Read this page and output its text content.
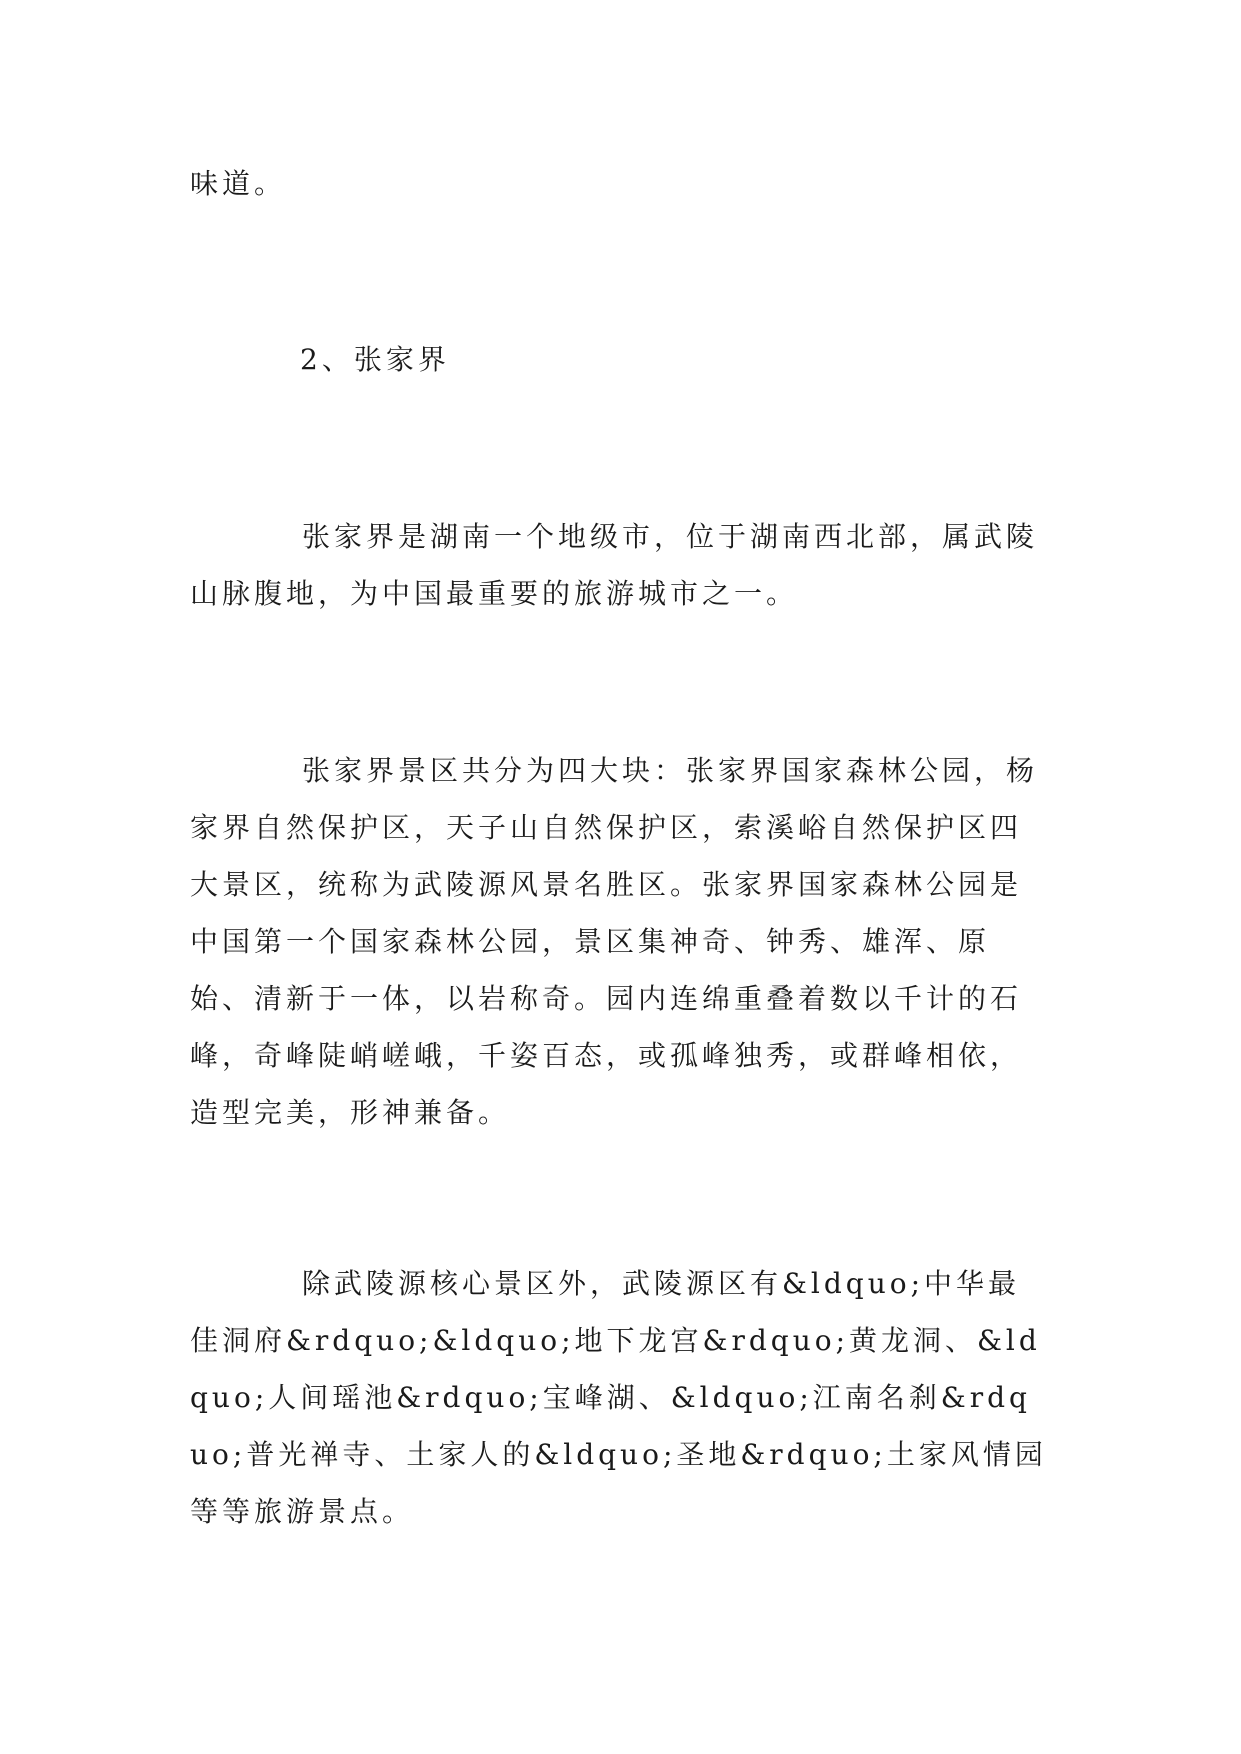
味道。

2、张家界

张家界是湖南一个地级市，位于湖南西北部，属武陵山脉腹地，为中国最重要的旅游城市之一。

张家界景区共分为四大块：张家界国家森林公园，杨家界自然保护区，天子山自然保护区，索溪峪自然保护区四大景区，统称为武陵源风景名胜区。张家界国家森林公园是中国第一个国家森林公园，景区集神奇、钟秀、雄浑、原始、清新于一体，以岩称奇。园内连绵重叠着数以千计的石峰，奇峰陡峭嵯峨，千姿百态，或孤峰独秀，或群峰相依，造型完美，形神兼备。

除武陵源核心景区外，武陵源区有&ldquo;中华最佳洞府&rdquo;&ldquo;地下龙宫&rdquo;黄龙洞、&ldquo;人间瑶池&rdquo;宝峰湖、&ldquo;江南名刹&rdquo;普光禅寺、土家人的&ldquo;圣地&rdquo;土家风情园等等旅游景点。
